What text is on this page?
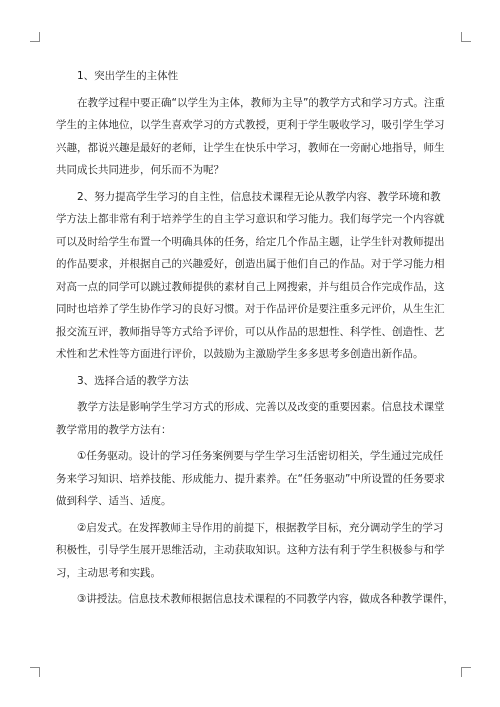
1、突出学生的主体性

在教学过程中要正确“以学生为主体，教师为主导”的教学方式和学习方式。注重
学生的主体地位，以学生喜欢学习的方式教授，更利于学生吸收学习，吸引学生学习
兴趣，都说兴趣是最好的老师，让学生在快乐中学习，教师在一旁耐心地指导，师生
共同成长共同进步，何乐而不为呢？

2、努力提高学生学习的自主性，信息技术课程无论从教学内容、教学环境和教
学方法上都非常有利于培养学生的自主学习意识和学习能力。我们每学完一个内容就
可以及时给学生布置一个明确具体的任务，给定几个作品主题，让学生针对教师提出
的作品要求，并根据自己的兴趣爱好，创造出属于他们自己的作品。对于学习能力相
对高一点的同学可以跳过教师提供的素材自己上网搜索，并与组员合作完成作品，这
同时也培养了学生协作学习的良好习惯。对于作品评价是要注重多元评价，从生生汇
报交流互评，教师指导等方式给予评价，可以从作品的思想性、科学性、创造性、艺
术性和艺术性等方面进行评价，以鼓励为主激励学生多多思考多创造出新作品。

3、选择合适的教学方法

教学方法是影响学生学习方式的形成、完善以及改变的重要因素。信息技术课堂
教学常用的教学方法有：

①任务驱动。设计的学习任务案例要与学生学习生活密切相关，学生通过完成任
务来学习知识、培养技能、形成能力、提升素养。在“任务驱动”中所设置的任务要求
做到科学、适当、适度。

②启发式。在发挥教师主导作用的前提下，根据教学目标，充分调动学生的学习
积极性，引导学生展开思维活动，主动获取知识。这种方法有利于学生积极参与和学
习，主动思考和实践。

③讲授法。信息技术教师根据信息技术课程的不同教学内容，做成各种教学课件，
